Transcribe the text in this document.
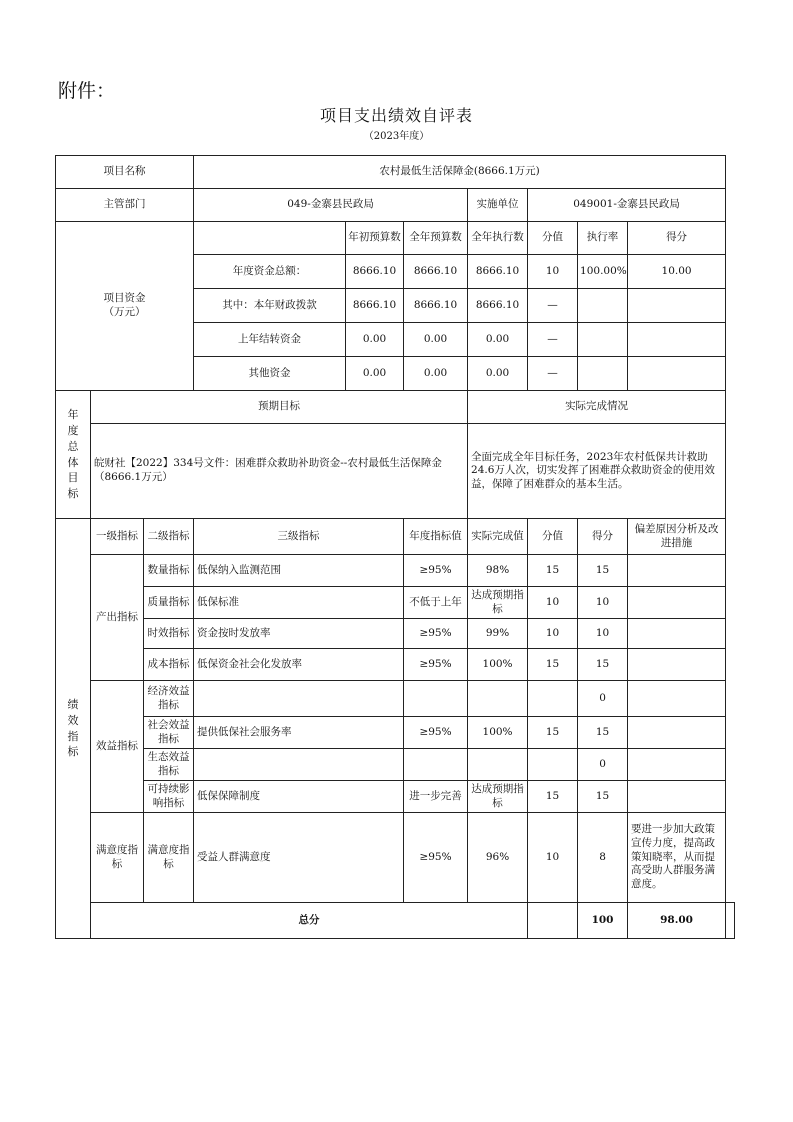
附件：
项目支出绩效自评表
（2023年度）
项目名称			农村最低生活保障金(8666.1万元)							
主管部门			049-金寨县民政局			实施单位	049001-金寨县民政局			
项目资金
（万元）				年初预算数	全年预算数	全年执行数	分值	执行率	得分	
			年度资金总额：	8666.10	8666.10	8666.10	10	100.00%	10.00	
			其中：本年财政拨款	8666.10	8666.10	8666.10	—			
			上年结转资金	0.00	0.00	0.00	—			
			其他资金	0.00	0.00	0.00	—			

年度总体目标	预期目标					实际完成情况				
	皖财社【2022】334号文件：困难群众救助补助资金--农村最低生活保障金（8666.1万元）					全面完成全年目标任务，2023年农村低保共计救助24.6万人次，切实发挥了困难群众救助资金的使用效益，保障了困难群众的基本生活。				

绩效指标	一级指标	二级指标	三级指标		年度指标值	实际完成值	分值	得分	偏差原因分析及改进措施	
	产出指标	数量指标	低保纳入监测范围		≥95%	98%	15	15		
		质量指标	低保标准		不低于上年	达成预期指标	10	10		
		时效指标	资金按时发放率		≥95%	99%	10	10		
		成本指标	低保资金社会化发放率		≥95%	100%	15	15		
	效益指标	经济效益指标						0		
		社会效益指标	提供低保社会服务率		≥95%	100%	15	15		
		生态效益指标						0		
		可持续影响指标	低保保障制度		进一步完善	达成预期指标	15	15		
	满意度指标	满意度指标	受益人群满意度		≥95%	96%	10	8	要进一步加大政策宣传力度，提高政策知晓率，从而提高受助人群服务满意度。	
	总分							100	98.00	
